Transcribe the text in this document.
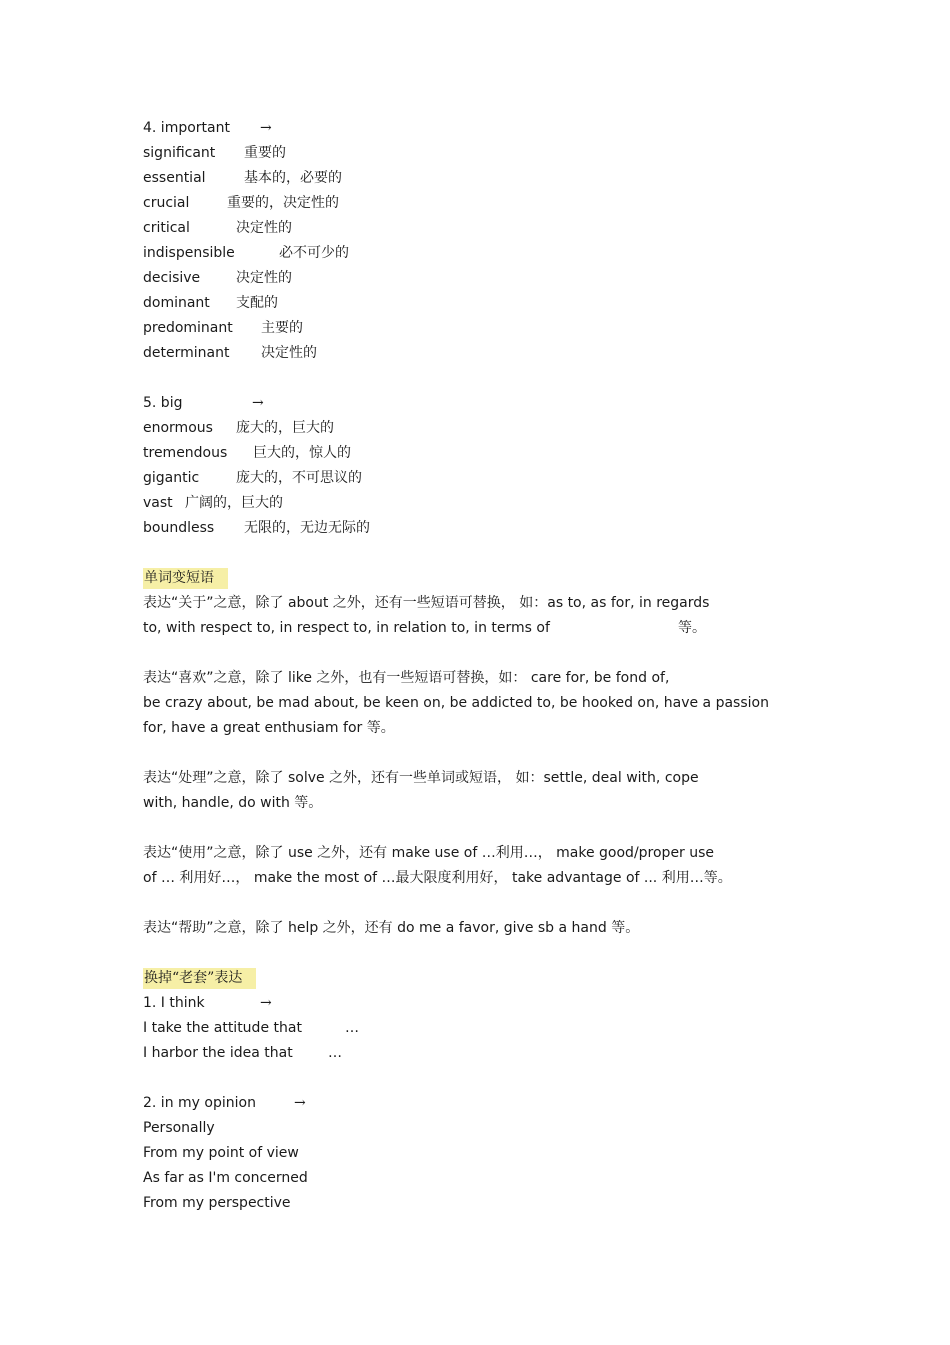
4. important →
significant 重要的
essential	基本的，必要的
crucial	重要的，决定性的
critical	决定性的
indispensible	必不可少的
decisive	决定性的
dominant 支配的
predominant 主要的
determinant 决定性的
5. big	→
enormous 庞大的，巨大的
tremendous 巨大的，惊人的
gigantic	庞大的，不可思议的
vast 广阔的，巨大的
boundless 无限的，无边无际的
单词变短语
表达“关于”之意，除了 about 之外，还有一些短语可替换， 如：as to, as for, in regards
to, with respect to, in respect to, in relation to, in terms of	等。
表达“喜欢”之意，除了 like 之外，也有一些短语可替换，如： care for, be fond of,
be crazy about, be mad about, be keen on, be addicted to, be hooked on, have a passion
for, have a great enthusiam for 等。
表达“处理”之意，除了 solve 之外，还有一些单词或短语， 如：settle, deal with, cope
with, handle, do with 等。
表达“使用”之意，除了 use 之外，还有 make use of …利用…， make good/proper use
of … 利用好…， make the most of …最大限度利用好， take advantage of ... 利用…等。
表达“帮助”之意，除了 help 之外，还有 do me a favor, give sb a hand 等。
换掉“老套”表达
1. I think	→
I take the attitude that	…
I harbor the idea that	…
2. in my opinion	→
Personally
From my point of view
As far as I'm concerned
From my perspective
